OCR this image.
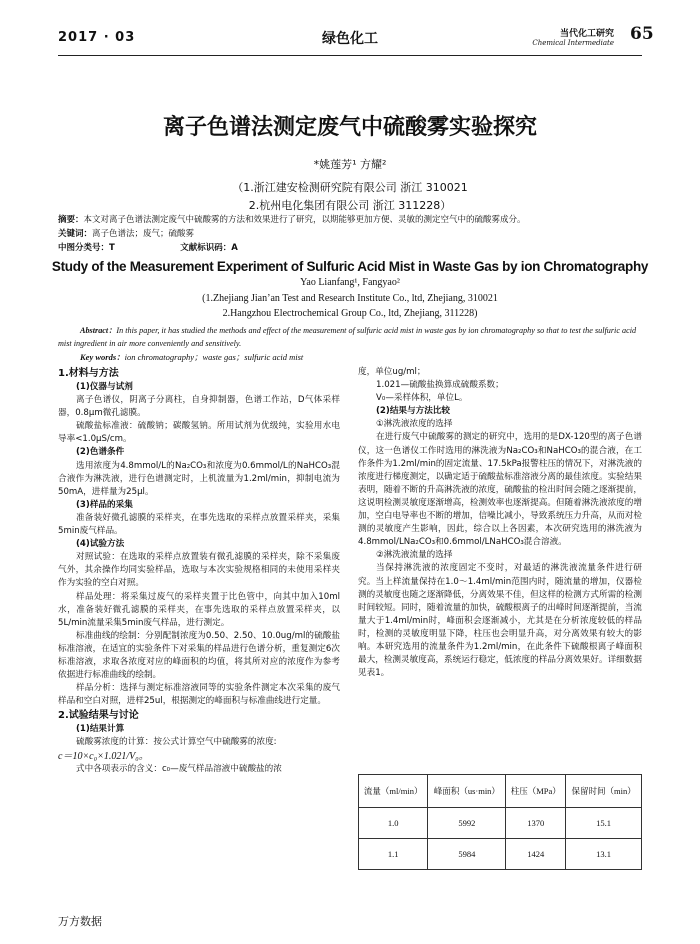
2017 · 03	绿色化工	当代化工研究
Chemical Intermediate 65
离子色谱法测定废气中硫酸雾实验探究
*姚莲芳¹ 方耀²
（1.浙江建安检测研究院有限公司 浙江 310021
2.杭州电化集团有限公司 浙江 311228）
摘要：本文对离子色谱法测定废气中硫酸雾的方法和效果进行了研究，以期能够更加方便、灵敏的测定空气中的硫酸雾成分。
关键词：离子色谱法；废气；硫酸雾
中图分类号：T	文献标识码：A
Study of the Measurement Experiment of Sulfuric Acid Mist in Waste Gas by ion Chromatography
Yao Lianfang¹, Fangyao²
(1.Zhejiang Jian’an Test and Research Institute Co., ltd, Zhejiang, 310021
2.Hangzhou Electrochemical Group Co., ltd, Zhejiang, 311228)
Abstract：In this paper, it has studied the methods and effect of the measurement of sulfuric acid mist in waste gas by ion chromatography so that to test the sulfuric acid mist ingredient in air more conveniently and sensitively.
Key words：ion chromatography；waste gas；sulfuric acid mist

1.材料与方法

(1)仪器与试剂

离子色谱仪，阴离子分离柱，自身抑制器，色谱工作站，D气体采样器，0.8μm微孔滤膜。

硫酸盐标准液：硫酸钠；碳酸氢钠。所用试剂为优级纯，实验用水电导率<1.0μS/cm。

(2)色谱条件

选用浓度为4.8mmol/L的Na₂CO₃和浓度为0.6mmol/L的NaHCO₃混合液作为淋洗液，进行色谱测定时，上机流量为1.2ml/min，抑制电流为50mA，进样量为25μl。

(3)样品的采集

准备装好微孔滤膜的采样夹，在事先选取的采样点放置采样夹，采集5min废气样品。

(4)试验方法

对照试验：在选取的采样点放置装有微孔滤膜的采样夹，除不采集废气外，其余操作均同实验样品，选取与本次实验规格相同的未使用采样夹作为实验的空白对照。

样品处理：将采集过废气的采样夹置于比色管中，向其中加入10ml水，准备装好微孔滤膜的采样夹，在事先选取的采样点放置采样夹，以5L/min流量采集5min废气样品，进行测定。

标准曲线的绘制：分别配制浓度为0.50、2.50、10.0ug/ml的硫酸盐标准溶液，在适宜的实验条件下对采集的样品进行色谱分析，重复测定6次标准溶液，求取各浓度对应的峰面积的均值，将其所对应的浓度作为参考依据进行标准曲线的绘制。

样品分析：选择与测定标准溶液同等的实验条件测定本次采集的废气样品和空白对照，进样25ul，根据测定的峰面积与标准曲线进行定量。

2.试验结果与讨论

(1)结果计算

硫酸雾浓度的计算：按公式计算空气中硫酸雾的浓度:

c＝10×c₀×1.021/V₀。

式中各项表示的含义：c₀—废气样品溶液中硫酸盐的浓

度，单位ug/ml；

1.021—硫酸盐换算成硫酸系数；

V₀—采样体积，单位L。

(2)结果与方法比较

①淋洗液浓度的选择

在进行废气中硫酸雾的测定的研究中，选用的是DX-120型的离子色谱仪，这一色谱仪工作时选用的淋洗液为Na₂CO₃和NaHCO₃的混合液，在工作条件为1.2ml/min的固定流量、17.5kPa报警柱压的情况下，对淋洗液的浓度进行梯度测定，以确定适于硫酸盐标准溶液分离的最佳浓度。实验结果表明，随着不断的升高淋洗液的浓度，硫酸盐的检出时间会随之逐渐提前，这说明检测灵敏度逐渐增高，检测效率也逐渐提高。但随着淋洗液浓度的增加，空白电导率也不断的增加，信噪比减小，导致系统压力升高，从而对检测的灵敏度产生影响，因此，综合以上各因素，本次研究选用的淋洗液为4.8mmol/LNa₂CO₃和0.6mmol/LNaHCO₃混合溶液。

②淋洗液流量的选择

当保持淋洗液的浓度固定不变时，对最适的淋洗液流量条件进行研究。当上样流量保持在1.0～1.4ml/min范围内时，随流量的增加，仪器检测的灵敏度也随之逐渐降低，分离效果不佳，但这样的检测方式所需的检测时间较短。同时，随着流量的加快，硫酸根离子的出峰时间逐渐提前，当流量大于1.4ml/min时，峰面积会逐渐减小，尤其是在分析浓度较低的样品时，检测的灵敏度明显下降，柱压也会明显升高，对分离效果有较大的影响。本研究选用的流量条件为1.2ml/min，在此条件下硫酸根离子峰面积最大，检测灵敏度高，系统运行稳定，低浓度的样品分离效果好。详细数据见表1。

流量（ml/min）	峰面积（us·min）	柱压（MPa）	保留时间（min）
1.0	5992	1370	15.1
1.1	5984	1424	13.1
万方数据
